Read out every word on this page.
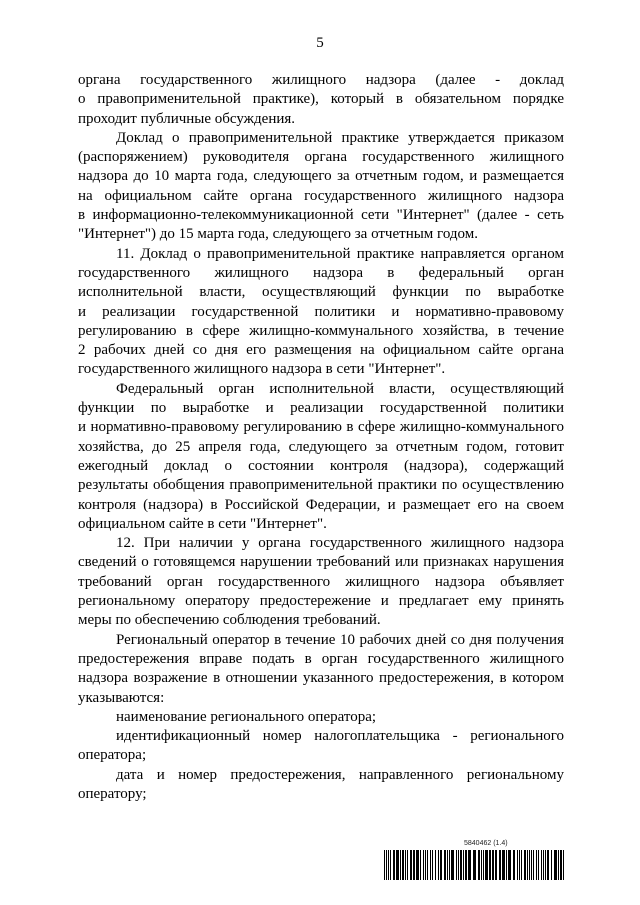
5
органа государственного жилищного надзора (далее - доклад
о правоприменительной практике), который в обязательном порядке
проходит публичные обсуждения.
Доклад о правоприменительной практике утверждается приказом
(распоряжением) руководителя органа государственного жилищного
надзора до 10 марта года, следующего за отчетным годом, и размещается
на официальном сайте органа государственного жилищного надзора
в информационно-телекоммуникационной сети "Интернет" (далее - сеть
"Интернет") до 15 марта года, следующего за отчетным годом.
11. Доклад о правоприменительной практике направляется органом
государственного жилищного надзора в федеральный орган
исполнительной власти, осуществляющий функции по выработке
и реализации государственной политики и нормативно-правовому
регулированию в сфере жилищно-коммунального хозяйства, в течение
2 рабочих дней со дня его размещения на официальном сайте органа
государственного жилищного надзора в сети "Интернет".
Федеральный орган исполнительной власти, осуществляющий
функции по выработке и реализации государственной политики
и нормативно-правовому регулированию в сфере жилищно-коммунального
хозяйства, до 25 апреля года, следующего за отчетным годом, готовит
ежегодный доклад о состоянии контроля (надзора), содержащий
результаты обобщения правоприменительной практики по осуществлению
контроля (надзора) в Российской Федерации, и размещает его на своем
официальном сайте в сети "Интернет".
12. При наличии у органа государственного жилищного надзора
сведений о готовящемся нарушении требований или признаках нарушения
требований орган государственного жилищного надзора объявляет
региональному оператору предостережение и предлагает ему принять
меры по обеспечению соблюдения требований.
Региональный оператор в течение 10 рабочих дней со дня получения
предостережения вправе подать в орган государственного жилищного
надзора возражение в отношении указанного предостережения, в котором
указываются:
наименование регионального оператора;
идентификационный номер налогоплательщика - регионального
оператора;
дата и номер предостережения, направленного региональному
оператору;
5840462 (1.4)
